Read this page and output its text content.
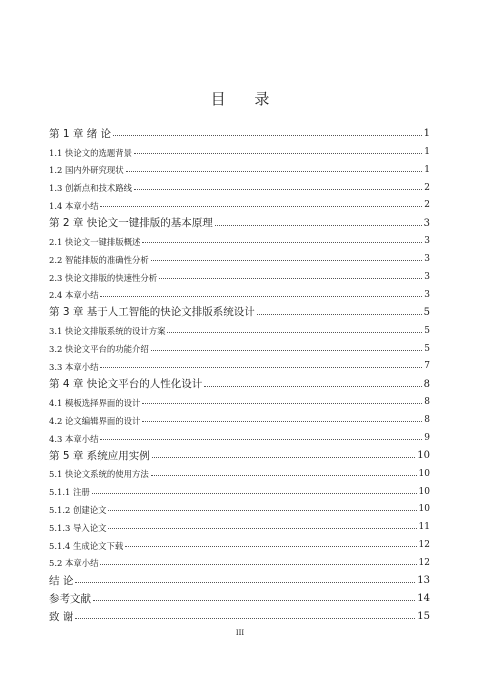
目 录
第 1 章 绪 论	1
1.1 快论文的选题背景	1
1.2 国内外研究现状	1
1.3 创新点和技术路线	2
1.4 本章小结	2
第 2 章 快论文一键排版的基本原理	3
2.1 快论文一键排版概述	3
2.2 智能排版的准确性分析	3
2.3 快论文排版的快速性分析	3
2.4 本章小结	3
第 3 章 基于人工智能的快论文排版系统设计	5
3.1 快论文排版系统的设计方案	5
3.2 快论文平台的功能介绍	5
3.3 本章小结	7
第 4 章 快论文平台的人性化设计	8
4.1 模板选择界面的设计	8
4.2 论文编辑界面的设计	8
4.3 本章小结	9
第 5 章 系统应用实例	10
5.1 快论文系统的使用方法	10
5.1.1 注册	10
5.1.2 创建论文	10
5.1.3 导入论文	11
5.1.4 生成论文下载	12
5.2 本章小结	12
结 论	13
参考文献	14
致 谢	15
III
